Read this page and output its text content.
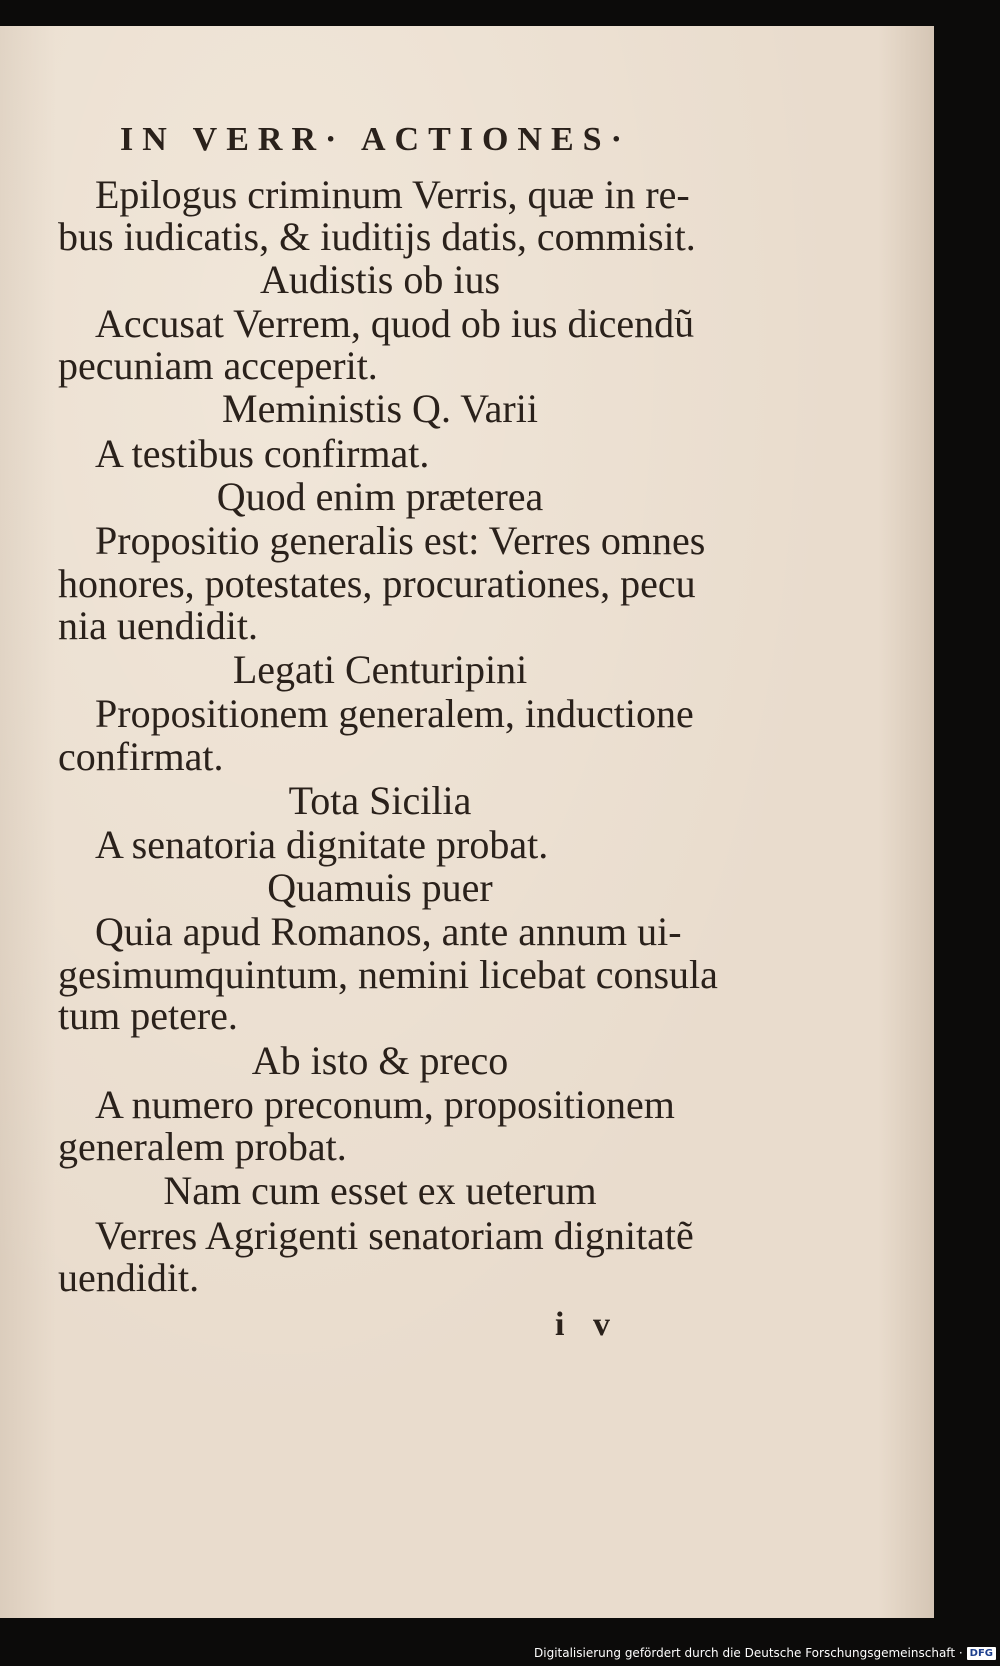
IN VERR· ACTIONES·
Epilogus criminum Verris, quæ in re-
bus iudicatis, & iuditijs datis, commisit.
Audistis ob ius
Accusat Verrem, quod ob ius dicendũ
pecuniam acceperit.
Meministis Q. Varii
A testibus confirmat.
Quod enim præterea
Propositio generalis est: Verres omnes
honores, potestates, procurationes, pecu
nia uendidit.
Legati Centuripini
Propositionem generalem, inductione
confirmat.
Tota Sicilia
A senatoria dignitate probat.
Quamuis puer
Quia apud Romanos, ante annum ui-
gesimumquintum, nemini licebat consula
tum petere.
Ab isto & preco
A numero preconum, propositionem
generalem probat.
Nam cum esset ex ueterum
Verres Agrigenti senatoriam dignitatẽ
uendidit.
i v
Digitalisierung gefördert durch die Deutsche Forschungsgemeinschaft · DFG
